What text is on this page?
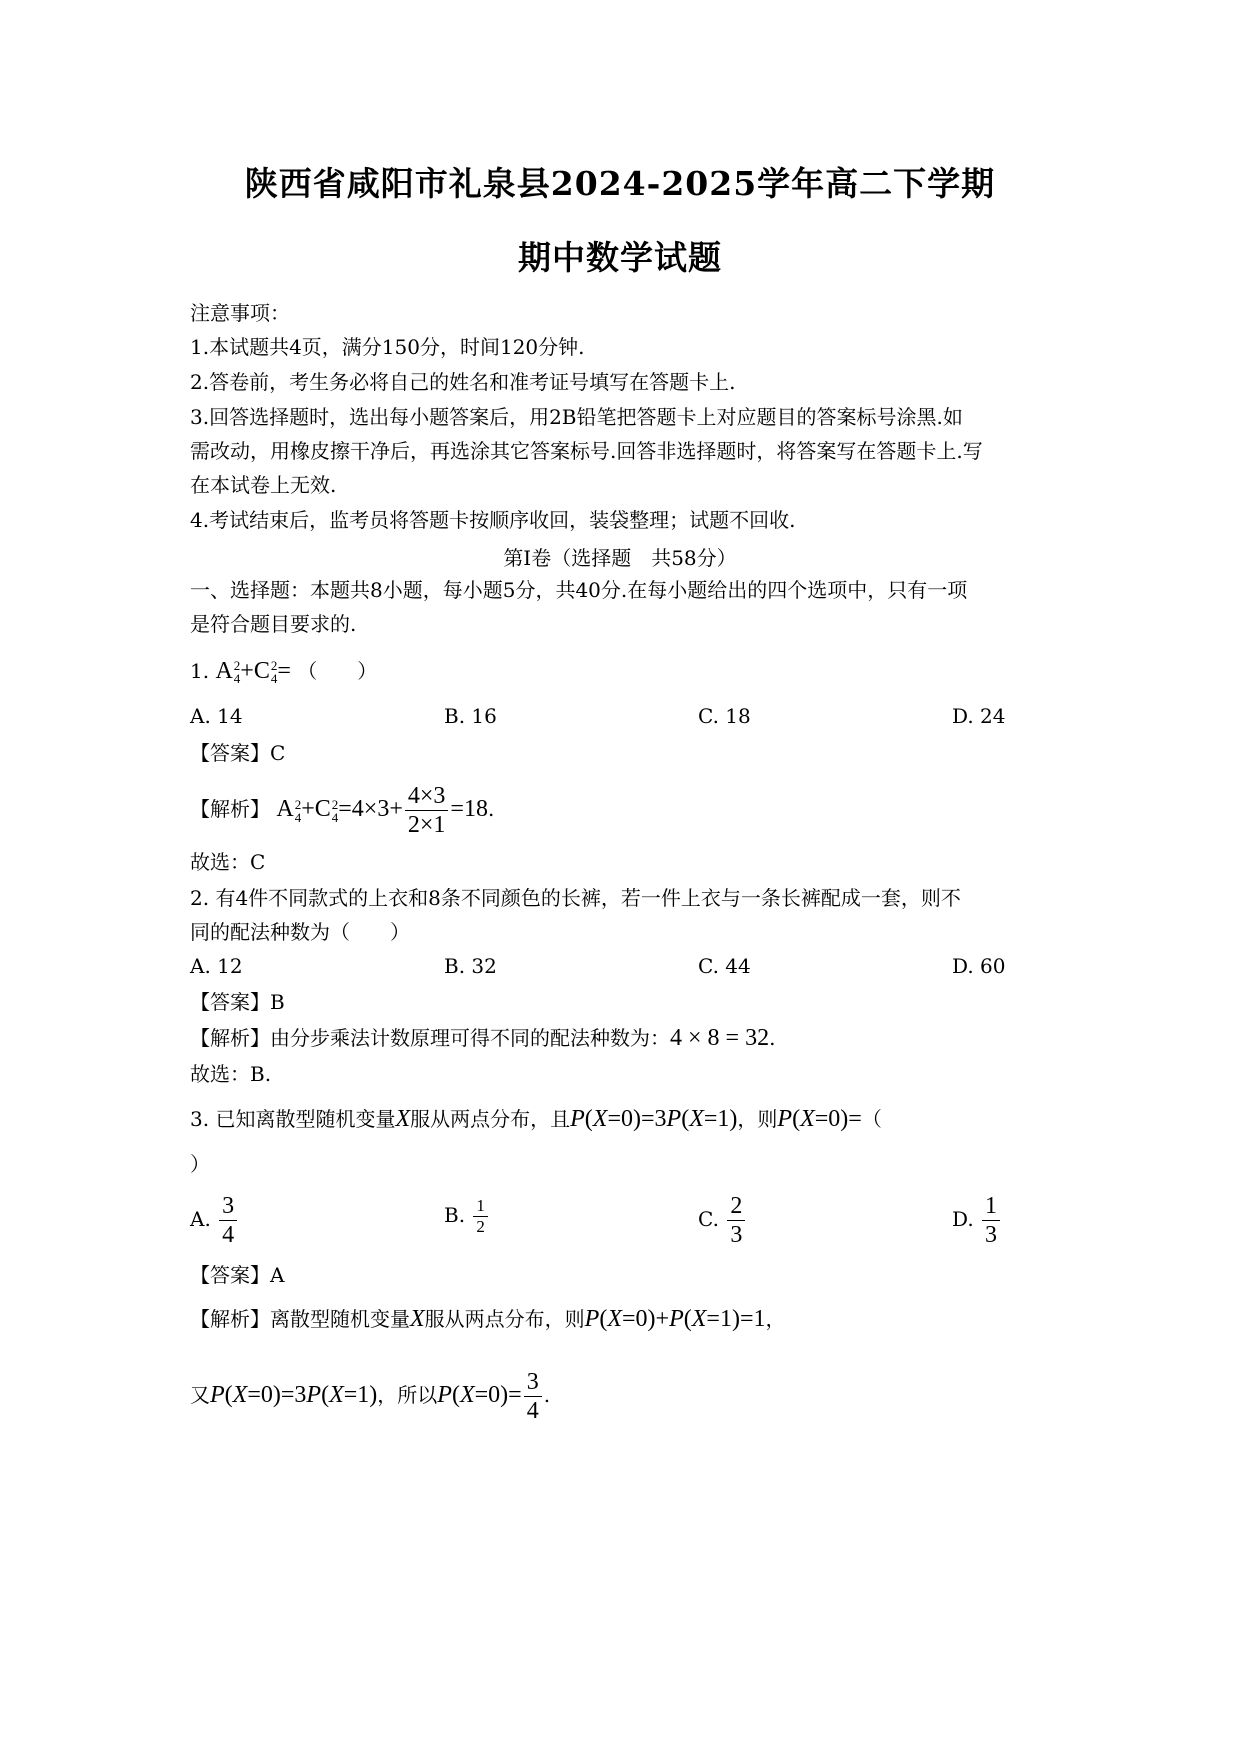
陕西省咸阳市礼泉县2024-2025学年高二下学期
期中数学试题
注意事项：
1.本试题共4页，满分150分，时间120分钟.
2.答卷前，考生务必将自己的姓名和准考证号填写在答题卡上.
3.回答选择题时，选出每小题答案后，用2B铅笔把答题卡上对应题目的答案标号涂黑.如
需改动，用橡皮擦干净后，再选涂其它答案标号.回答非选择题时，将答案写在答题卡上.写
在本试卷上无效.
4.考试结束后，监考员将答题卡按顺序收回，装袋整理；试题不回收.
第I卷（选择题　共58分）
一、选择题：本题共8小题，每小题5分，共40分.在每小题给出的四个选项中，只有一项
是符合题目要求的.
1. A 2
4 +C 2
4 = （　　）
A. 14	B. 16	C. 18	D. 24
【答案】C
【解析】 A 2
4 +C 2
$4 =4\times 3+ \frac{4\times 3}{2\times 1} =18$.
故选：C
2. 有4件不同款式的上衣和8条不同颜色的长裤，若一件上衣与一条长裤配成一套，则不
同的配法种数为（　　）
A. 12	B. 32	C. 44	D. 60
【答案】B
【解析】由分步乘法计数原理可得不同的配法种数为：4 × 8 = 32.
故选：B.
3. 已知离散型随机变量X服从两点分布，且P(X=0)=3P(X=1)，则P(X=0)=（
）
A. $\frac{3}{4}$	B. $\frac{1}{2}$	C. $\frac{2}{3}$	D. $\frac{1}{3}$
【答案】A
【解析】离散型随机变量X服从两点分布，则P(X=0)+P(X=1)=1，
又P(X=0)=3P(X=1)，所以$P(X=0)= \frac{3}{4}$ .
